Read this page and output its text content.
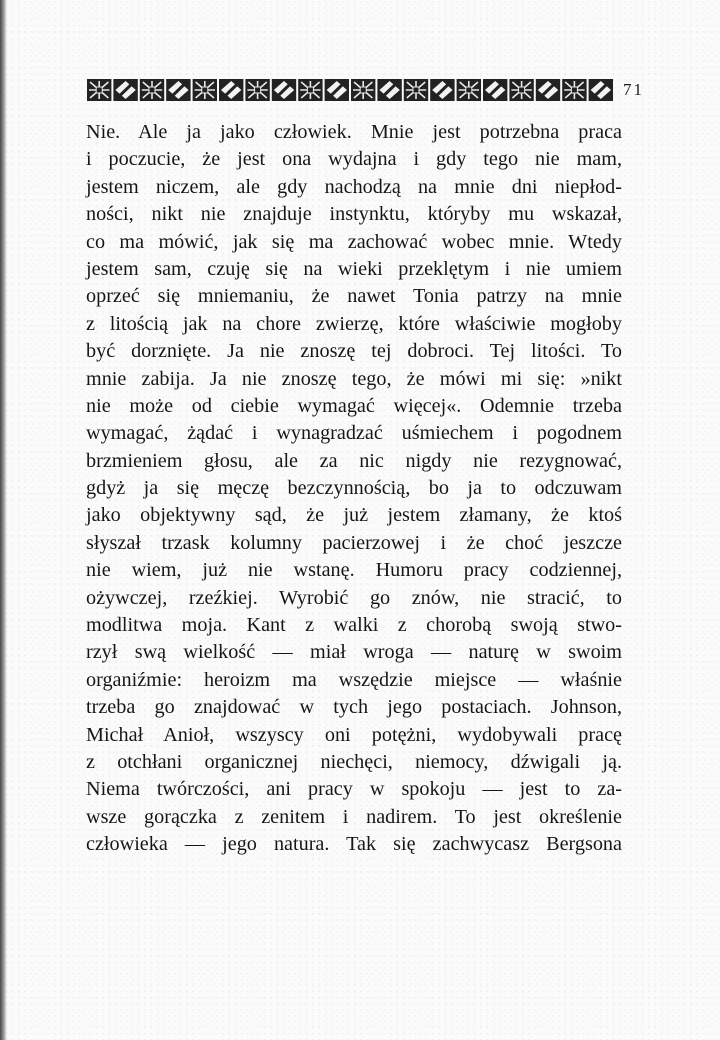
71
Nie. Ale ja jako człowiek. Mnie jest potrzebna praca
i poczucie, że jest ona wydajna i gdy tego nie mam,
jestem niczem, ale gdy nachodzą na mnie dni niepłod-
ności, nikt nie znajduje instynktu, któryby mu wskazał,
co ma mówić, jak się ma zachować wobec mnie. Wtedy
jestem sam, czuję się na wieki przeklętym i nie umiem
oprzeć się mniemaniu, że nawet Tonia patrzy na mnie
z litością jak na chore zwierzę, które właściwie mogłoby
być dorznięte. Ja nie znoszę tej dobroci. Tej litości. To
mnie zabija. Ja nie znoszę tego, że mówi mi się: »nikt
nie może od ciebie wymagać więcej«. Odemnie trzeba
wymagać, żądać i wynagradzać uśmiechem i pogodnem
brzmieniem głosu, ale za nic nigdy nie rezygnować,
gdyż ja się męczę bezczynnością, bo ja to odczuwam
jako objektywny sąd, że już jestem złamany, że ktoś
słyszał trzask kolumny pacierzowej i że choć jeszcze
nie wiem, już nie wstanę. Humoru pracy codziennej,
ożywczej, rzeźkiej. Wyrobić go znów, nie stracić, to
modlitwa moja. Kant z walki z chorobą swoją stwo-
rzył swą wielkość — miał wroga — naturę w swoim
organiźmie: heroizm ma wszędzie miejsce — właśnie
trzeba go znajdować w tych jego postaciach. Johnson,
Michał Anioł, wszyscy oni potężni, wydobywali pracę
z otchłani organicznej niechęci, niemocy, dźwigali ją.
Niema twórczości, ani pracy w spokoju — jest to za-
wsze gorączka z zenitem i nadirem. To jest określenie
człowieka — jego natura. Tak się zachwycasz Bergsona
